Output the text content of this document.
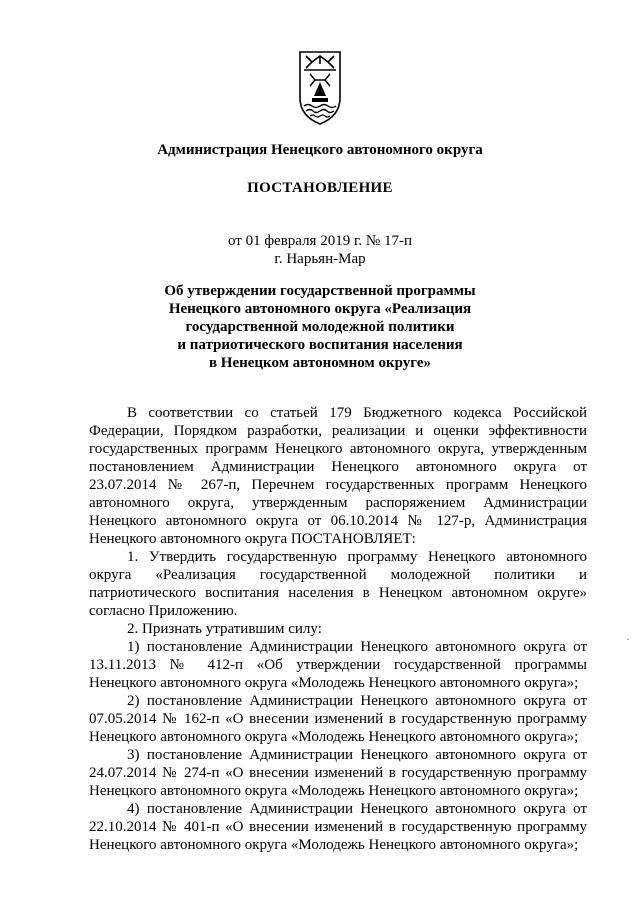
Администрация Ненецкого автономного округа
ПОСТАНОВЛЕНИЕ
от 01 февраля 2019 г. № 17-п
г. Нарьян-Мар
Об утверждении государственной программы
Ненецкого автономного округа «Реализация
государственной молодежной политики
и патриотического воспитания населения
в Ненецком автономном округе»

В соответствии со статьей 179 Бюджетного кодекса Российской Федерации, Порядком разработки, реализации и оценки эффективности государственных программ Ненецкого автономного округа, утвержденным постановлением Администрации Ненецкого автономного округа от 23.07.2014 № 267-п, Перечнем государственных программ Ненецкого автономного округа, утвержденным распоряжением Администрации Ненецкого автономного округа от 06.10.2014 № 127-р, Администрация Ненецкого автономного округа ПОСТАНОВЛЯЕТ:

1. Утвердить государственную программу Ненецкого автономного округа «Реализация государственной молодежной политики и патриотического воспитания населения в Ненецком автономном округе» согласно Приложению.

2. Признать утратившим силу:

1) постановление Администрации Ненецкого автономного округа от 13.11.2013 № 412-п «Об утверждении государственной программы Ненецкого автономного округа «Молодежь Ненецкого автономного округа»;

2) постановление Администрации Ненецкого автономного округа от 07.05.2014 № 162-п «О внесении изменений в государственную программу Ненецкого автономного округа «Молодежь Ненецкого автономного округа»;

3) постановление Администрации Ненецкого автономного округа от 24.07.2014 № 274-п «О внесении изменений в государственную программу Ненецкого автономного округа «Молодежь Ненецкого автономного округа»;

4) постановление Администрации Ненецкого автономного округа от 22.10.2014 № 401-п «О внесении изменений в государственную программу Ненецкого автономного округа «Молодежь Ненецкого автономного округа»;

·
